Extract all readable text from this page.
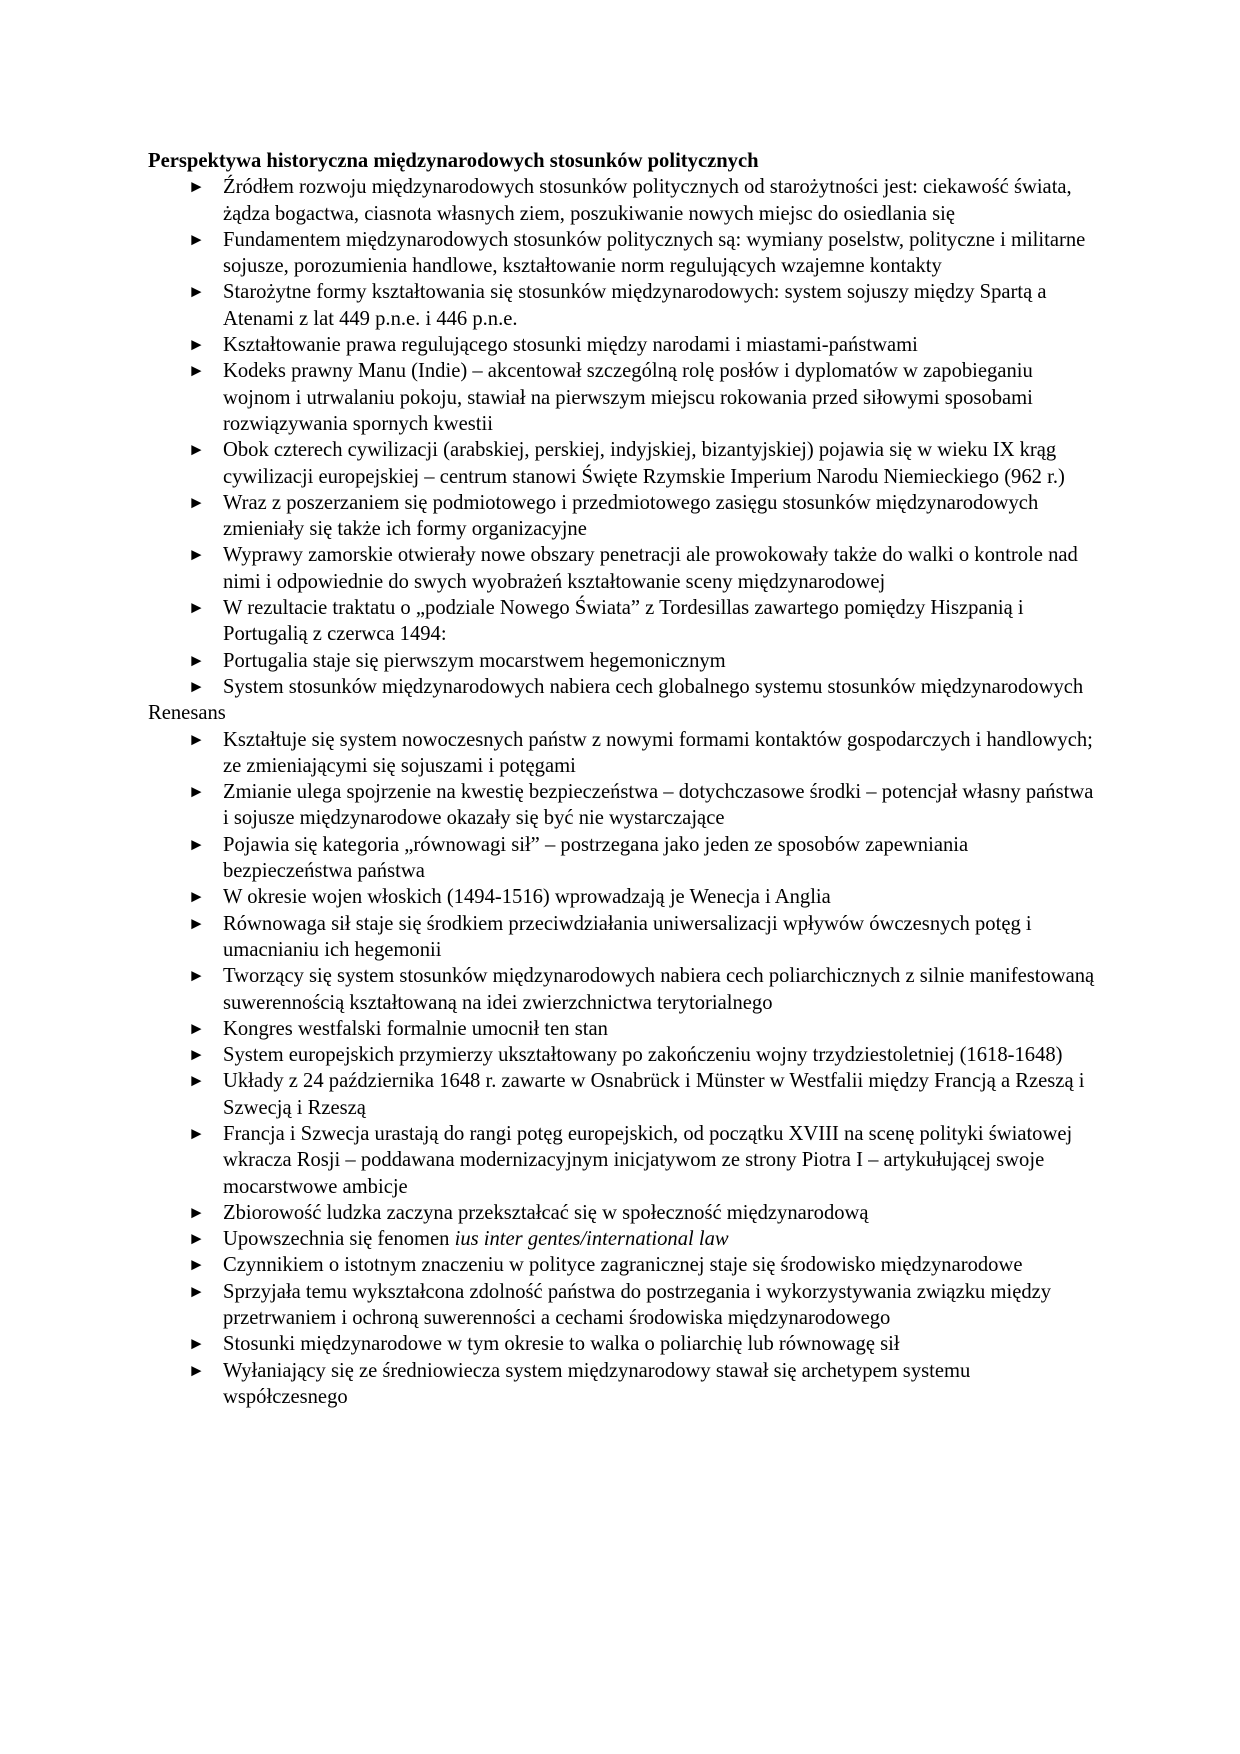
Perspektywa historyczna międzynarodowych stosunków politycznych

► Źródłem rozwoju międzynarodowych stosunków politycznych od starożytności jest: ciekawość świata, żądza bogactwa, ciasnota własnych ziem, poszukiwanie nowych miejsc do osiedlania się
► Fundamentem międzynarodowych stosunków politycznych są: wymiany poselstw, polityczne i militarne sojusze, porozumienia handlowe, kształtowanie norm regulujących wzajemne kontakty
► Starożytne formy kształtowania się stosunków międzynarodowych: system sojuszy między Spartą a Atenami z lat 449 p.n.e. i 446 p.n.e.
► Kształtowanie prawa regulującego stosunki między narodami i miastami-państwami
► Kodeks prawny Manu (Indie) – akcentował szczególną rolę posłów i dyplomatów w zapobieganiu wojnom i utrwalaniu pokoju, stawiał na pierwszym miejscu rokowania przed siłowymi sposobami rozwiązywania spornych kwestii
► Obok czterech cywilizacji (arabskiej, perskiej, indyjskiej, bizantyjskiej) pojawia się w wieku IX krąg cywilizacji europejskiej – centrum stanowi Święte Rzymskie Imperium Narodu Niemieckiego (962 r.)
► Wraz z poszerzaniem się podmiotowego i przedmiotowego zasięgu stosunków międzynarodowych zmieniały się także ich formy organizacyjne
► Wyprawy zamorskie otwierały nowe obszary penetracji ale prowokowały także do walki o kontrole nad nimi i odpowiednie do swych wyobrażeń kształtowanie sceny międzynarodowej
► W rezultacie traktatu o „podziale Nowego Świata” z Tordesillas zawartego pomiędzy Hiszpanią i Portugalią z czerwca 1494:
► Portugalia staje się pierwszym mocarstwem hegemonicznym
► System stosunków międzynarodowych nabiera cech globalnego systemu stosunków międzynarodowych

Renesans

► Kształtuje się system nowoczesnych państw z nowymi formami kontaktów gospodarczych i handlowych; ze zmieniającymi się sojuszami i potęgami
► Zmianie ulega spojrzenie na kwestię bezpieczeństwa – dotychczasowe środki – potencjał własny państwa i sojusze międzynarodowe okazały się być nie wystarczające
► Pojawia się kategoria „równowagi sił” – postrzegana jako jeden ze sposobów zapewniania bezpieczeństwa państwa
► W okresie wojen włoskich (1494-1516) wprowadzają je Wenecja i Anglia
► Równowaga sił staje się środkiem przeciwdziałania uniwersalizacji wpływów ówczesnych potęg i umacnianiu ich hegemonii
► Tworzący się system stosunków międzynarodowych nabiera cech poliarchicznych z silnie manifestowaną suwerennością kształtowaną na idei zwierzchnictwa terytorialnego
► Kongres westfalski formalnie umocnił ten stan
► System europejskich przymierzy ukształtowany po zakończeniu wojny trzydziestoletniej (1618-1648)
► Układy z 24 października 1648 r. zawarte w Osnabrück i Münster w Westfalii między Francją a Rzeszą i Szwecją i Rzeszą
► Francja i Szwecja urastają do rangi potęg europejskich, od początku XVIII na scenę polityki światowej wkracza Rosji – poddawana modernizacyjnym inicjatywom ze strony Piotra I – artykułującej swoje mocarstwowe ambicje
► Zbiorowość ludzka zaczyna przekształcać się w społeczność międzynarodową
► Upowszechnia się fenomen ius inter gentes/international law
► Czynnikiem o istotnym znaczeniu w polityce zagranicznej staje się środowisko międzynarodowe
► Sprzyjała temu wykształcona zdolność państwa do postrzegania i wykorzystywania związku między przetrwaniem i ochroną suwerenności a cechami środowiska międzynarodowego
► Stosunki międzynarodowe w tym okresie to walka o poliarchię lub równowagę sił
► Wyłaniający się ze średniowiecza system międzynarodowy stawał się archetypem systemu współczesnego
